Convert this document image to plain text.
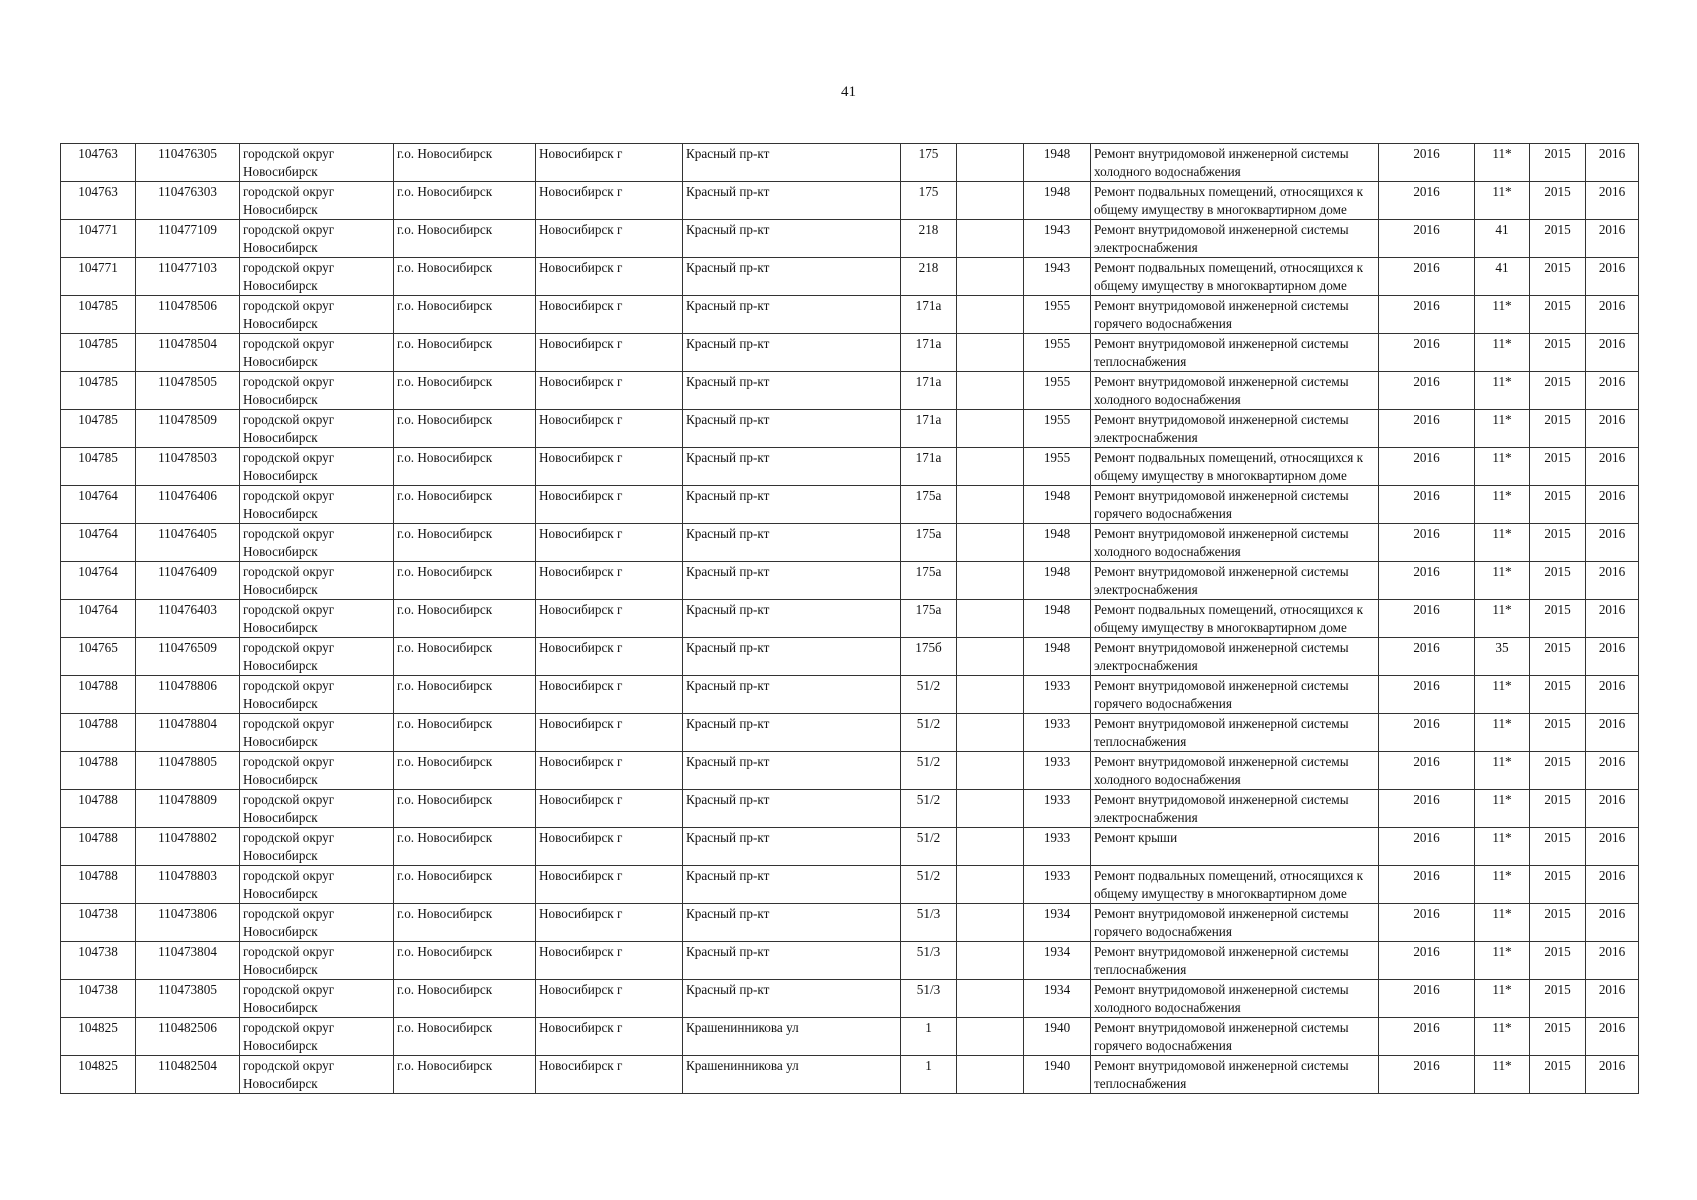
41
104763	110476305	городской округ Новосибирск	г.о. Новосибирск	Новосибирск г	Красный пр-кт	175		1948	Ремонт внутридомовой инженерной системы холодного водоснабжения	2016	11*	2015	2016
104763	110476303	городской округ Новосибирск	г.о. Новосибирск	Новосибирск г	Красный пр-кт	175		1948	Ремонт подвальных помещений, относящихся к общему имуществу в многоквартирном доме	2016	11*	2015	2016
104771	110477109	городской округ Новосибирск	г.о. Новосибирск	Новосибирск г	Красный пр-кт	218		1943	Ремонт внутридомовой инженерной системы электроснабжения	2016	41	2015	2016
104771	110477103	городской округ Новосибирск	г.о. Новосибирск	Новосибирск г	Красный пр-кт	218		1943	Ремонт подвальных помещений, относящихся к общему имуществу в многоквартирном доме	2016	41	2015	2016
104785	110478506	городской округ Новосибирск	г.о. Новосибирск	Новосибирск г	Красный пр-кт	171а		1955	Ремонт внутридомовой инженерной системы горячего водоснабжения	2016	11*	2015	2016
104785	110478504	городской округ Новосибирск	г.о. Новосибирск	Новосибирск г	Красный пр-кт	171а		1955	Ремонт внутридомовой инженерной системы теплоснабжения	2016	11*	2015	2016
104785	110478505	городской округ Новосибирск	г.о. Новосибирск	Новосибирск г	Красный пр-кт	171а		1955	Ремонт внутридомовой инженерной системы холодного водоснабжения	2016	11*	2015	2016
104785	110478509	городской округ Новосибирск	г.о. Новосибирск	Новосибирск г	Красный пр-кт	171а		1955	Ремонт внутридомовой инженерной системы электроснабжения	2016	11*	2015	2016
104785	110478503	городской округ Новосибирск	г.о. Новосибирск	Новосибирск г	Красный пр-кт	171а		1955	Ремонт подвальных помещений, относящихся к общему имуществу в многоквартирном доме	2016	11*	2015	2016
104764	110476406	городской округ Новосибирск	г.о. Новосибирск	Новосибирск г	Красный пр-кт	175а		1948	Ремонт внутридомовой инженерной системы горячего водоснабжения	2016	11*	2015	2016
104764	110476405	городской округ Новосибирск	г.о. Новосибирск	Новосибирск г	Красный пр-кт	175а		1948	Ремонт внутридомовой инженерной системы холодного водоснабжения	2016	11*	2015	2016
104764	110476409	городской округ Новосибирск	г.о. Новосибирск	Новосибирск г	Красный пр-кт	175а		1948	Ремонт внутридомовой инженерной системы электроснабжения	2016	11*	2015	2016
104764	110476403	городской округ Новосибирск	г.о. Новосибирск	Новосибирск г	Красный пр-кт	175а		1948	Ремонт подвальных помещений, относящихся к общему имуществу в многоквартирном доме	2016	11*	2015	2016
104765	110476509	городской округ Новосибирск	г.о. Новосибирск	Новосибирск г	Красный пр-кт	175б		1948	Ремонт внутридомовой инженерной системы электроснабжения	2016	35	2015	2016
104788	110478806	городской округ Новосибирск	г.о. Новосибирск	Новосибирск г	Красный пр-кт	51/2		1933	Ремонт внутридомовой инженерной системы горячего водоснабжения	2016	11*	2015	2016
104788	110478804	городской округ Новосибирск	г.о. Новосибирск	Новосибирск г	Красный пр-кт	51/2		1933	Ремонт внутридомовой инженерной системы теплоснабжения	2016	11*	2015	2016
104788	110478805	городской округ Новосибирск	г.о. Новосибирск	Новосибирск г	Красный пр-кт	51/2		1933	Ремонт внутридомовой инженерной системы холодного водоснабжения	2016	11*	2015	2016
104788	110478809	городской округ Новосибирск	г.о. Новосибирск	Новосибирск г	Красный пр-кт	51/2		1933	Ремонт внутридомовой инженерной системы электроснабжения	2016	11*	2015	2016
104788	110478802	городской округ Новосибирск	г.о. Новосибирск	Новосибирск г	Красный пр-кт	51/2		1933	Ремонт крыши	2016	11*	2015	2016
104788	110478803	городской округ Новосибирск	г.о. Новосибирск	Новосибирск г	Красный пр-кт	51/2		1933	Ремонт подвальных помещений, относящихся к общему имуществу в многоквартирном доме	2016	11*	2015	2016
104738	110473806	городской округ Новосибирск	г.о. Новосибирск	Новосибирск г	Красный пр-кт	51/3		1934	Ремонт внутридомовой инженерной системы горячего водоснабжения	2016	11*	2015	2016
104738	110473804	городской округ Новосибирск	г.о. Новосибирск	Новосибирск г	Красный пр-кт	51/3		1934	Ремонт внутридомовой инженерной системы теплоснабжения	2016	11*	2015	2016
104738	110473805	городской округ Новосибирск	г.о. Новосибирск	Новосибирск г	Красный пр-кт	51/3		1934	Ремонт внутридомовой инженерной системы холодного водоснабжения	2016	11*	2015	2016
104825	110482506	городской округ Новосибирск	г.о. Новосибирск	Новосибирск г	Крашенинникова ул	1		1940	Ремонт внутридомовой инженерной системы горячего водоснабжения	2016	11*	2015	2016
104825	110482504	городской округ Новосибирск	г.о. Новосибирск	Новосибирск г	Крашенинникова ул	1		1940	Ремонт внутридомовой инженерной системы теплоснабжения	2016	11*	2015	2016
